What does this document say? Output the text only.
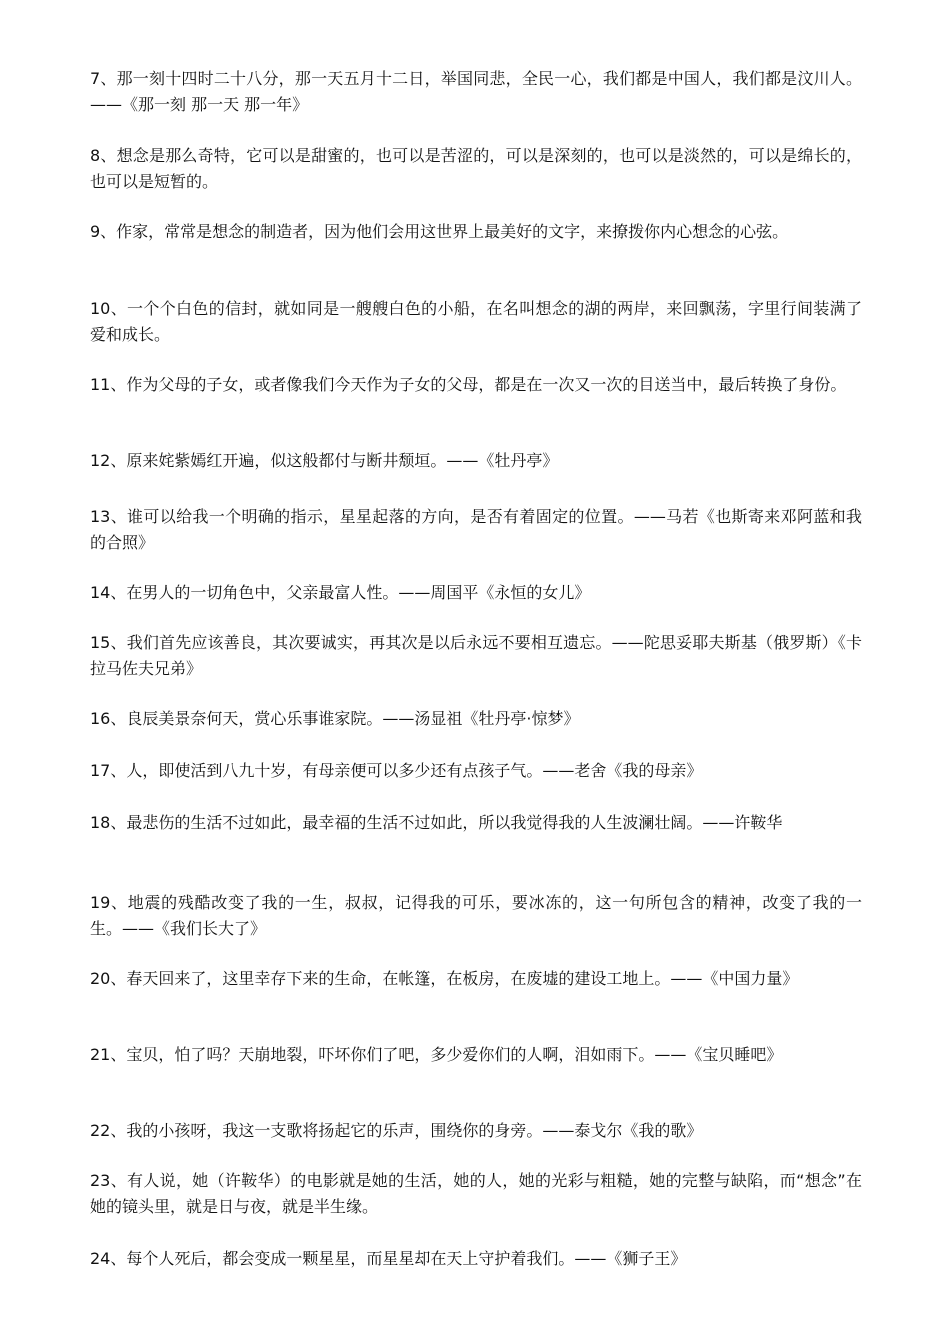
7、那一刻十四时二十八分，那一天五月十二日，举国同悲，全民一心，我们都是中国人，我们都是汶川人。——《那一刻 那一天 那一年》

8、想念是那么奇特，它可以是甜蜜的，也可以是苦涩的，可以是深刻的，也可以是淡然的，可以是绵长的，也可以是短暂的。

9、作家，常常是想念的制造者，因为他们会用这世界上最美好的文字，来撩拨你内心想念的心弦。

10、一个个白色的信封，就如同是一艘艘白色的小船，在名叫想念的湖的两岸，来回飘荡，字里行间装满了爱和成长。

11、作为父母的子女，或者像我们今天作为子女的父母，都是在一次又一次的目送当中，最后转换了身份。

12、原来姹紫嫣红开遍，似这般都付与断井颓垣。——《牡丹亭》

13、谁可以给我一个明确的指示，星星起落的方向，是否有着固定的位置。——马若《也斯寄来邓阿蓝和我的合照》

14、在男人的一切角色中，父亲最富人性。——周国平《永恒的女儿》

15、我们首先应该善良，其次要诚实，再其次是以后永远不要相互遗忘。——陀思妥耶夫斯基（俄罗斯）《卡拉马佐夫兄弟》

16、良辰美景奈何天，赏心乐事谁家院。——汤显祖《牡丹亭·惊梦》

17、人，即使活到八九十岁，有母亲便可以多少还有点孩子气。——老舍《我的母亲》

18、最悲伤的生活不过如此，最幸福的生活不过如此，所以我觉得我的人生波澜壮阔。——许鞍华

19、地震的残酷改变了我的一生，叔叔，记得我的可乐，要冰冻的，这一句所包含的精神，改变了我的一生。——《我们长大了》

20、春天回来了，这里幸存下来的生命，在帐篷，在板房，在废墟的建设工地上。——《中国力量》

21、宝贝，怕了吗？天崩地裂，吓坏你们了吧，多少爱你们的人啊，泪如雨下。——《宝贝睡吧》

22、我的小孩呀，我这一支歌将扬起它的乐声，围绕你的身旁。——泰戈尔《我的歌》

23、有人说，她（许鞍华）的电影就是她的生活，她的人，她的光彩与粗糙，她的完整与缺陷，而“想念”在她的镜头里，就是日与夜，就是半生缘。

24、每个人死后，都会变成一颗星星，而星星却在天上守护着我们。——《狮子王》
